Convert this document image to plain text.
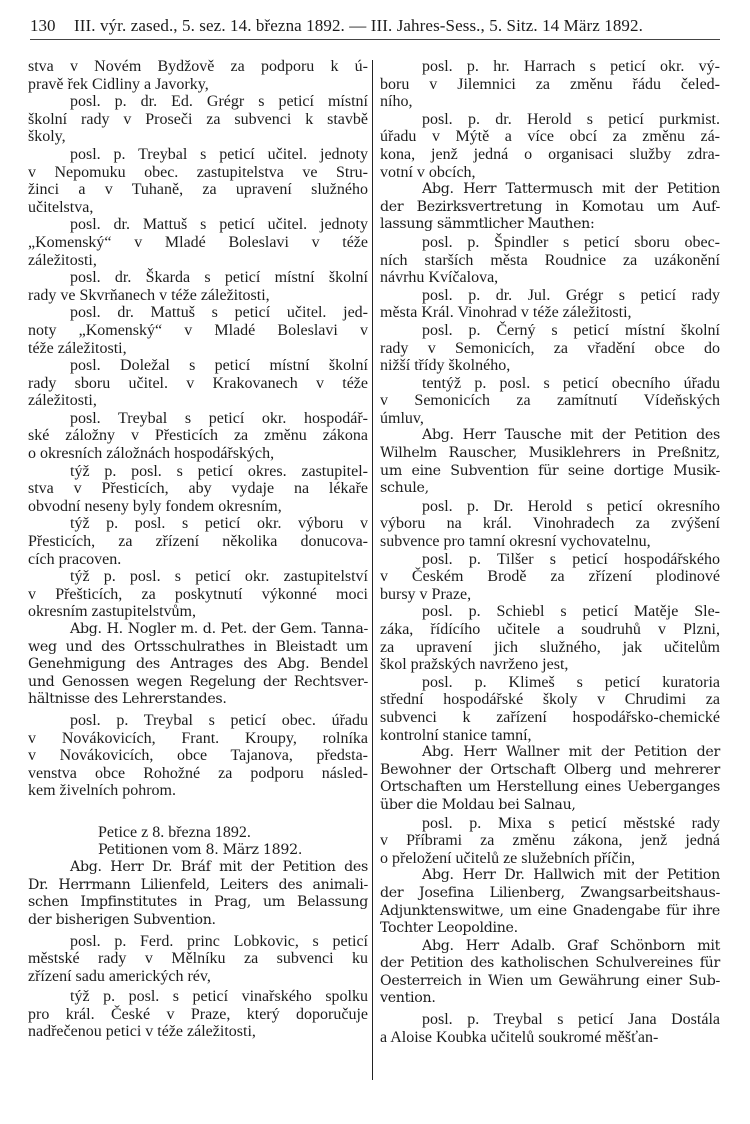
130 III. výr. zased., 5. sez. 14. března 1892. — III. Jahres-Sess., 5. Sitz. 14 März 1892.
stva v Novém Bydžově za podporu k ú-
pravě řek Cidliny a Javorky,
posl. p. dr. Ed. Grégr s peticí místní
školní rady v Proseči za subvenci k stavbě
školy,
posl. p. Treybal s peticí učitel. jednoty
v Nepomuku obec. zastupitelstva ve Stru-
žinci a v Tuhaně, za upravení služného
učitelstva,
posl. dr. Mattuš s peticí učitel. jednoty
„Komenský“ v Mladé Boleslavi v téže
záležitosti,
posl. dr. Škarda s peticí místní školní
rady ve Skvrňanech v téže záležitosti,
posl. dr. Mattuš s peticí učitel. jed-
noty „Komenský“ v Mladé Boleslavi v
téže záležitosti,
posl. Doležal s peticí místní školní
rady sboru učitel. v Krakovanech v téže
záležitosti,
posl. Treybal s peticí okr. hospodář-
ské záložny v Přesticích za změnu zákona
o okresních záložnách hospodářských,
týž p. posl. s peticí okres. zastupitel-
stva v Přesticích, aby vydaje na lékaře
obvodní neseny byly fondem okresním,
týž p. posl. s peticí okr. výboru v
Přesticích, za zřízení několika donucova-
cích pracoven.
týž p. posl. s peticí okr. zastupitelství
v Přešticích, za poskytnutí výkonné moci
okresním zastupitelstvům,
Abg. H. Nogler m. d. Pet. der Gem. Tanna-
weg und des Ortsschulrathes in Bleistadt um
Genehmigung des Antrages des Abg. Bendel
und Genossen wegen Regelung der Rechtsver-
hältnisse des Lehrerstandes.
posl. p. Treybal s peticí obec. úřadu
v Novákovicích, Frant. Kroupy, rolníka
v Novákovicích, obce Tajanova, předsta-
venstva obce Rohožné za podporu násled-
kem živelních pohrom.
Petice z 8. března 1892.
Petitionen vom 8. März 1892.
Abg. Herr Dr. Bráf mit der Petition des
Dr. Herrmann Lilienfeld, Leiters des animali-
schen Impfinstitutes in Prag, um Belassung
der bisherigen Subvention.
posl. p. Ferd. princ Lobkovic, s peticí
městské rady v Mělníku za subvenci ku
zřízení sadu amerických rév,
týž p. posl. s peticí vinařského spolku
pro král. České v Praze, který doporučuje
nadřečenou petici v téže záležitosti,
posl. p. hr. Harrach s peticí okr. vý-
boru v Jilemnici za změnu řádu čeled-
ního,
posl. p. dr. Herold s peticí purkmist.
úřadu v Mýtě a více obcí za změnu zá-
kona, jenž jedná o organisaci služby zdra-
votní v obcích,
Abg. Herr Tattermusch mit der Petition
der Bezirksvertretung in Komotau um Auf-
lassung sämmtlicher Mauthen:
posl. p. Špindler s peticí sboru obec-
ních starších města Roudnice za uzákonění
návrhu Kvíčalova,
posl. p. dr. Jul. Grégr s peticí rady
města Král. Vinohrad v téže záležitosti,
posl. p. Černý s peticí místní školní
rady v Semonicích, za vřadění obce do
nižší třídy školného,
tentýž p. posl. s peticí obecního úřadu
v Semonicích za zamítnutí Vídeňských
úmluv,
Abg. Herr Tausche mit der Petition des
Wilhelm Rauscher, Musiklehrers in Preßnitz,
um eine Subvention für seine dortige Musik-
schule,
posl. p. Dr. Herold s peticí okresního
výboru na král. Vinohradech za zvýšení
subvence pro tamní okresní vychovatelnu,
posl. p. Tilšer s peticí hospodářského
v Českém Brodě za zřízení plodinové
bursy v Praze,
posl. p. Schiebl s peticí Matěje Sle-
záka, řídícího učitele a soudruhů v Plzni,
za upravení jich služného, jak učitelům
škol pražských navrženo jest,
posl. p. Klimeš s peticí kuratoria
střední hospodářské školy v Chrudimi za
subvenci k zařízení hospodářsko-chemické
kontrolní stanice tamní,
Abg. Herr Wallner mit der Petition der
Bewohner der Ortschaft Olberg und mehrerer
Ortschaften um Herstellung eines Ueberganges
über die Moldau bei Salnau,
posl. p. Mixa s peticí městské rady
v Příbrami za změnu zákona, jenž jedná
o přeložení učitelů ze služebních příčin,
Abg. Herr Dr. Hallwich mit der Petition
der Josefina Lilienberg, Zwangsarbeitshaus-
Adjunktenswitwe, um eine Gnadengabe für ihre
Tochter Leopoldine.
Abg. Herr Adalb. Graf Schönborn mit
der Petition des katholischen Schulvereines für
Oesterreich in Wien um Gewährung einer Sub-
vention.
posl. p. Treybal s peticí Jana Dostála
a Aloise Koubka učitelů soukromé měšťan-
